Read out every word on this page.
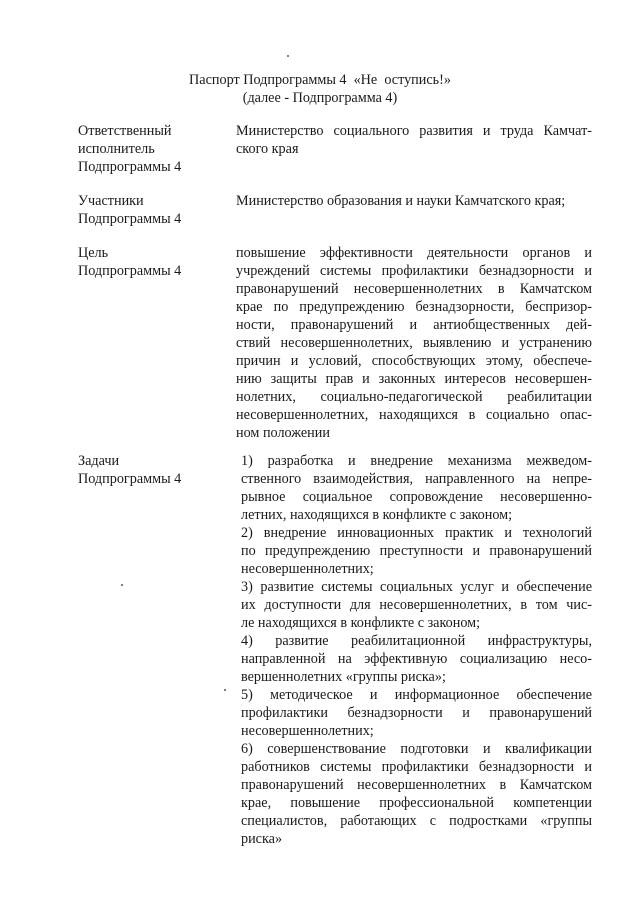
Паспорт Подпрограммы 4  «Не  оступись!»
(далее - Подпрограмма 4)
Ответственный
исполнитель
Подпрограммы 4
Министерство социального развития и труда Камчат-
ского края
Участники
Подпрограммы 4
Министерство образования и науки Камчатского края;
Цель
Подпрограммы 4
повышение эффективности деятельности органов и
учреждений системы профилактики безнадзорности и
правонарушений несовершеннолетних в Камчатском
крае по предупреждению безнадзорности, беспризор-
ности, правонарушений и антиобщественных дей-
ствий несовершеннолетних, выявлению и устранению
причин и условий, способствующих этому, обеспече-
нию защиты прав и законных интересов несовершен-
нолетних, социально-педагогической реабилитации
несовершеннолетних, находящихся в социально опас-
ном положении
Задачи
Подпрограммы 4
1) разработка и внедрение механизма межведом-
ственного взаимодействия, направленного на непре-
рывное социальное сопровождение несовершенно-
летних, находящихся в конфликте с законом;
2) внедрение инновационных практик и технологий
по предупреждению преступности и правонарушений
несовершеннолетних;
3) развитие системы социальных услуг и обеспечение
их доступности для несовершеннолетних, в том чис-
ле находящихся в конфликте с законом;
4) развитие реабилитационной инфраструктуры,
направленной на эффективную социализацию несо-
вершеннолетних «группы риска»;
5) методическое и информационное обеспечение
профилактики безнадзорности и правонарушений
несовершеннолетних;
6) совершенствование подготовки и квалификации
работников системы профилактики безнадзорности и
правонарушений несовершеннолетних в Камчатском
крае, повышение профессиональной компетенции
специалистов, работающих с подростками «группы
риска»
